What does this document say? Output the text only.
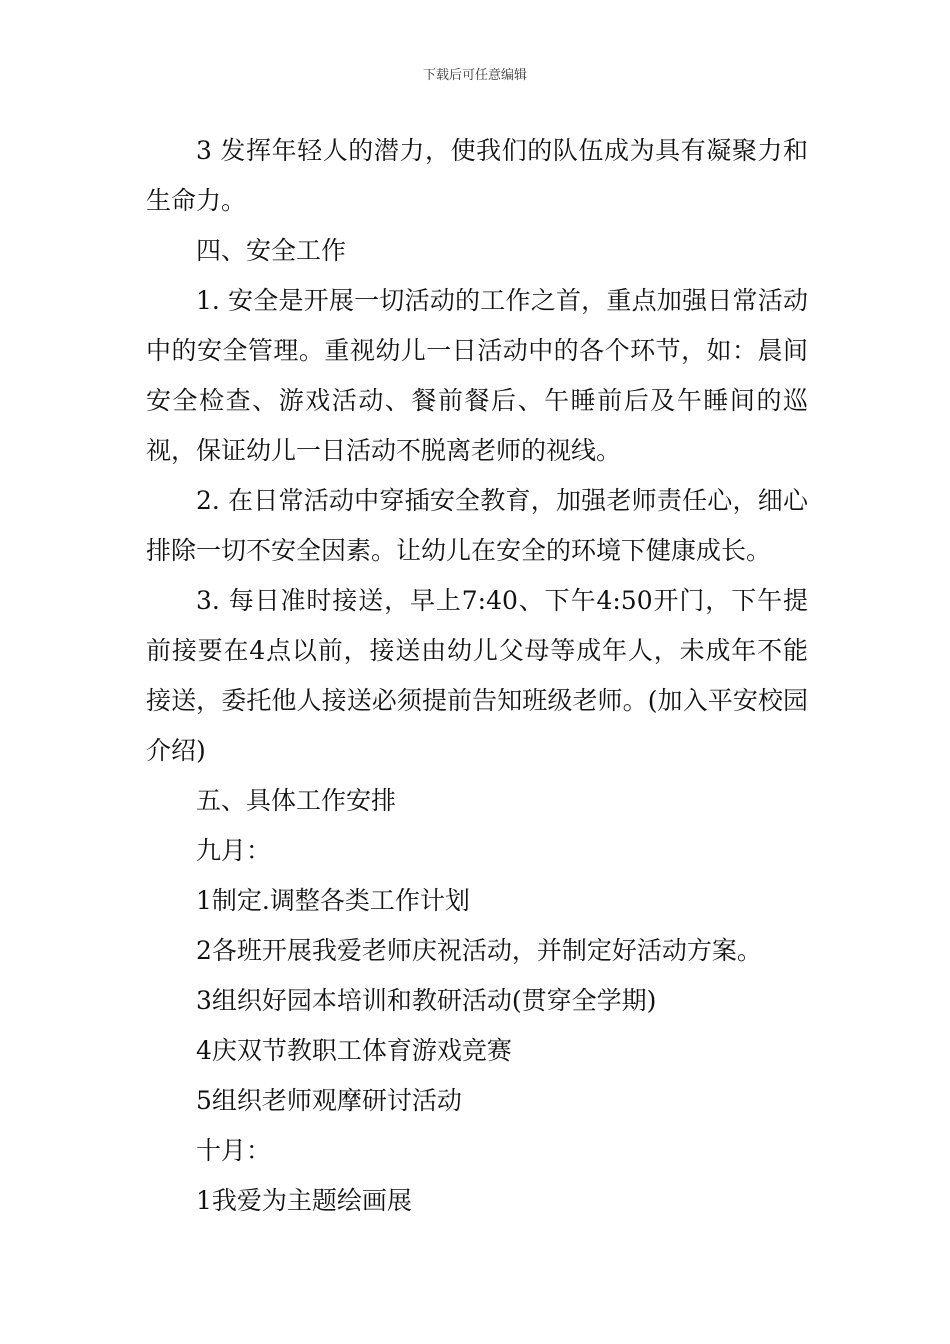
下载后可任意编辑

3 发挥年轻人的潜力，使我们的队伍成为具有凝聚力和生命力。

四、安全工作

1. 安全是开展一切活动的工作之首，重点加强日常活动中的安全管理。重视幼儿一日活动中的各个环节，如：晨间安全检查、游戏活动、餐前餐后、午睡前后及午睡间的巡视，保证幼儿一日活动不脱离老师的视线。

2. 在日常活动中穿插安全教育，加强老师责任心，细心排除一切不安全因素。让幼儿在安全的环境下健康成长。

3. 每日准时接送，早上7:40、下午4:50开门，下午提前接要在4点以前，接送由幼儿父母等成年人，未成年不能接送，委托他人接送必须提前告知班级老师。(加入平安校园介绍)

五、具体工作安排

九月：

1制定.调整各类工作计划

2各班开展我爱老师庆祝活动，并制定好活动方案。

3组织好园本培训和教研活动(贯穿全学期)

4庆双节教职工体育游戏竞赛

5组织老师观摩研讨活动

十月：

1我爱为主题绘画展
